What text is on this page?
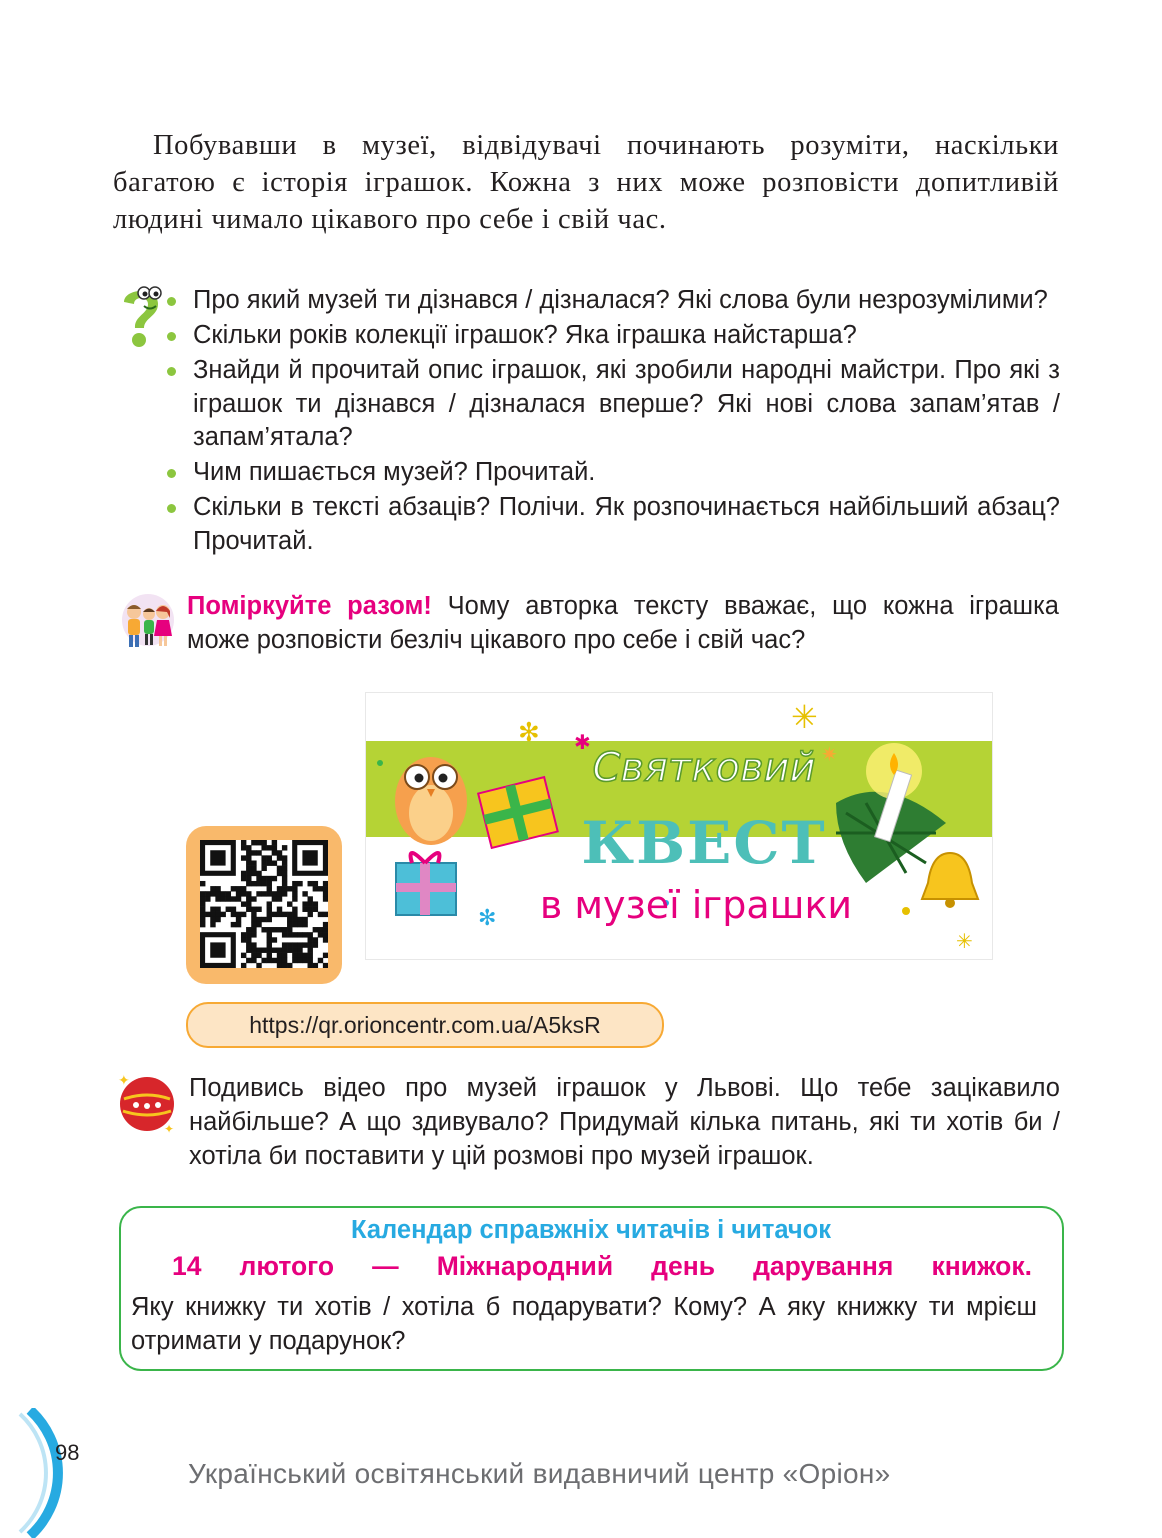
Побувавши в музеї, відвідувачі починають розуміти, наскільки багатою є історія іграшок. Кожна з них може розповісти допитливій людині чимало цікавого про себе і свій час.
Про який музей ти дізнався / дізналася? Які слова були незрозумілими?
Скільки років колекції іграшок? Яка іграшка найстарша?
Знайди й прочитай опис іграшок, які зробили народні майстри. Про які з іграшок ти дізнався / дізналася вперше? Які нові слова запам’ятав / запам’ятала?
Чим пишається музей? Прочитай.
Скільки в тексті абзаців? Полічи. Як розпочинається найбільший абзац? Прочитай.
Поміркуйте разом! Чому авторка тексту вважає, що кожна іграшка може розповісти безліч цікавого про себе і свій час?
✻ ✱
✳
✷
✻
✳
Святковий
КВЕСТ
в музеї іграшки
https://qr.orioncentr.com.ua/A5ksR
✦
✦
Подивись відео про музей іграшок у Львові. Що тебе зацікавило найбільше? А що здивувало? Придумай кілька питань, які ти хотів би / хотіла би поставити у цій розмові про музей іграшок.
Календар справжніх читачів і читачок
14 лютого — Міжнародний день дарування книжок.
Яку книжку ти хотів / хотіла б подарувати? Кому? А яку книжку ти мрієш отримати у подарунок?
98
Український освітянський видавничий центр «Оріон»
